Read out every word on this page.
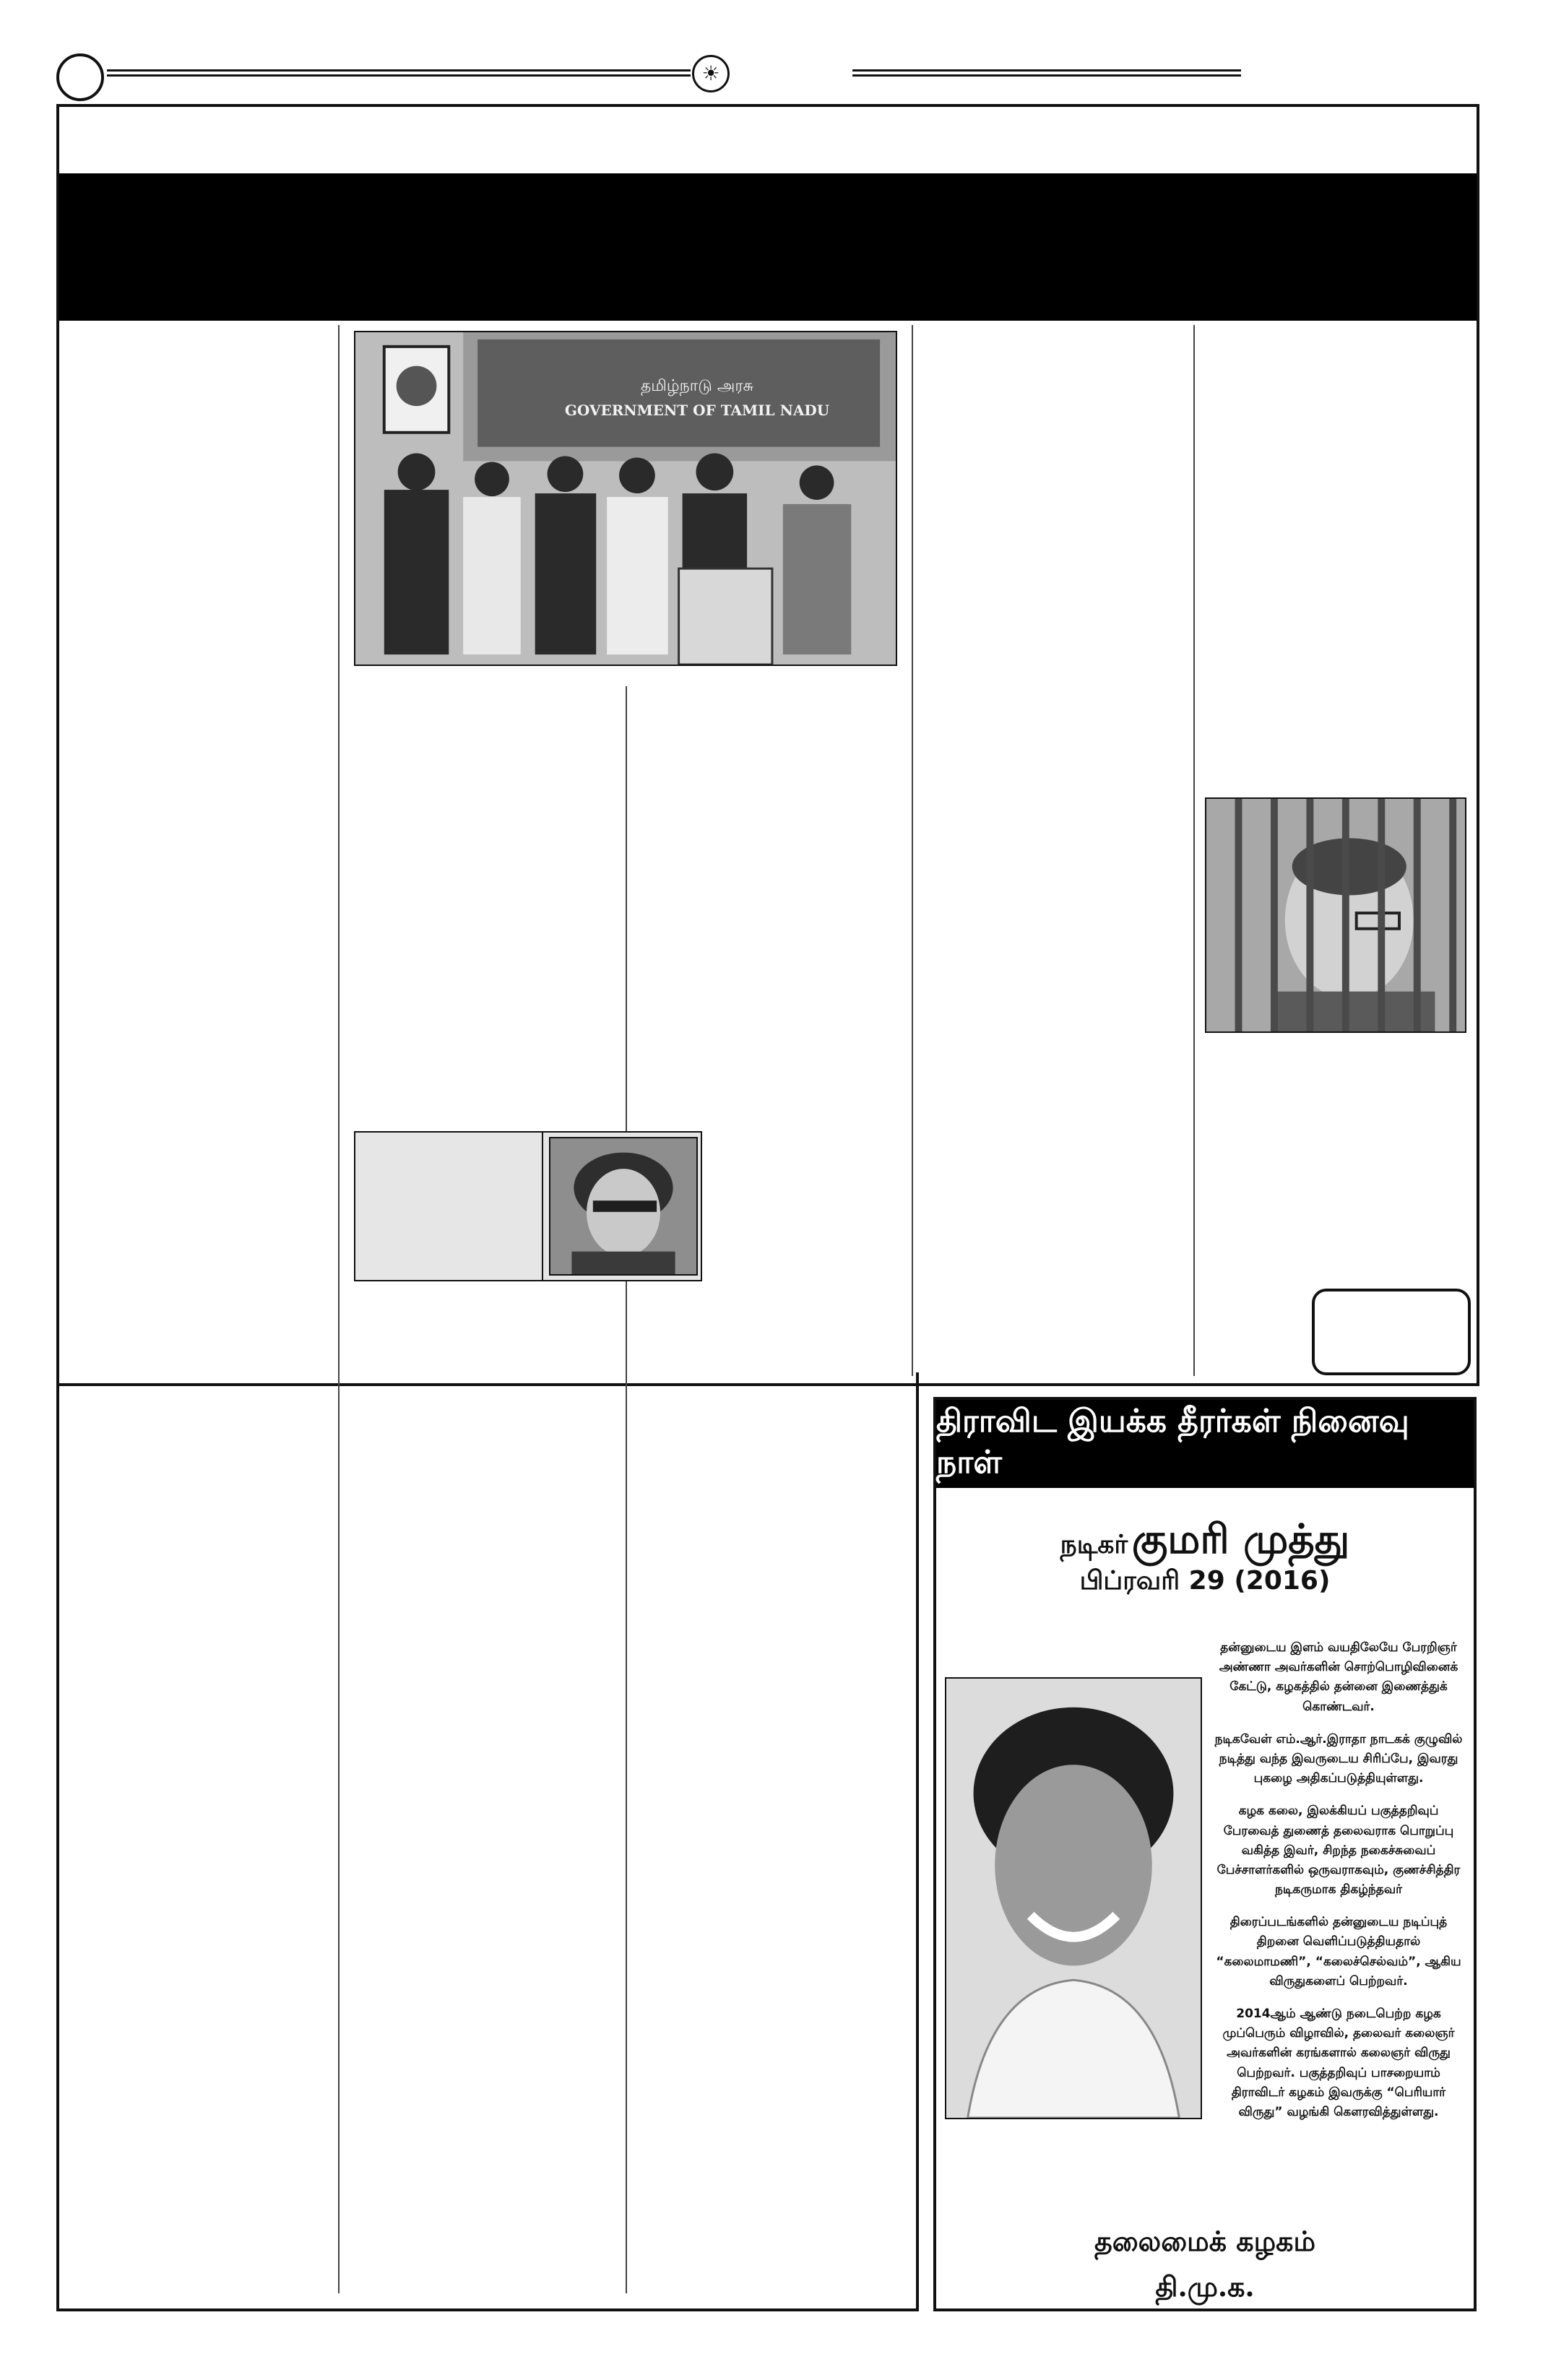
☀
தமிழ்நாடு அரசு
GOVERNMENT OF TAMIL NADU
திராவிட இயக்க தீரர்கள் நினைவு நாள்
நடிகர் குமரி முத்து
பிப்ரவரி 29 (2016)

தன்னுடைய இளம் வயதிலேயே பேரறிஞர் அண்ணா அவர்களின் சொற்பொழிவினைக் கேட்டு, கழகத்தில் தன்னை இணைத்துக் கொண்டவர்.

நடிகவேள் எம்.ஆர்.இராதா நாடகக் குழுவில் நடித்து வந்த இவருடைய சிரிப்பே, இவரது புகழை அதிகப்படுத்தியுள்ளது.

கழக கலை, இலக்கியப் பகுத்தறிவுப் பேரவைத் துணைத் தலைவராக பொறுப்பு வகித்த இவர், சிறந்த நகைச்சுவைப் பேச்சாளர்களில் ஒருவராகவும், குணச்சித்திர நடிகருமாக திகழ்ந்தவர்

திரைப்படங்களில் தன்னுடைய நடிப்புத் திறனை வெளிப்படுத்தியதால் “கலைமாமணி”, “கலைச்செல்வம்”, ஆகிய விருதுகளைப் பெற்றவர்.

2014ஆம் ஆண்டு நடைபெற்ற கழக முப்பெரும் விழாவில், தலைவர் கலைஞர் அவர்களின் கரங்களால் கலைஞர் விருது பெற்றவர். பகுத்தறிவுப் பாசறையாம் திராவிடர் கழகம் இவருக்கு “பெரியார் விருது” வழங்கி கௌரவித்துள்ளது.

தலைமைக் கழகம்
தி.மு.க.
